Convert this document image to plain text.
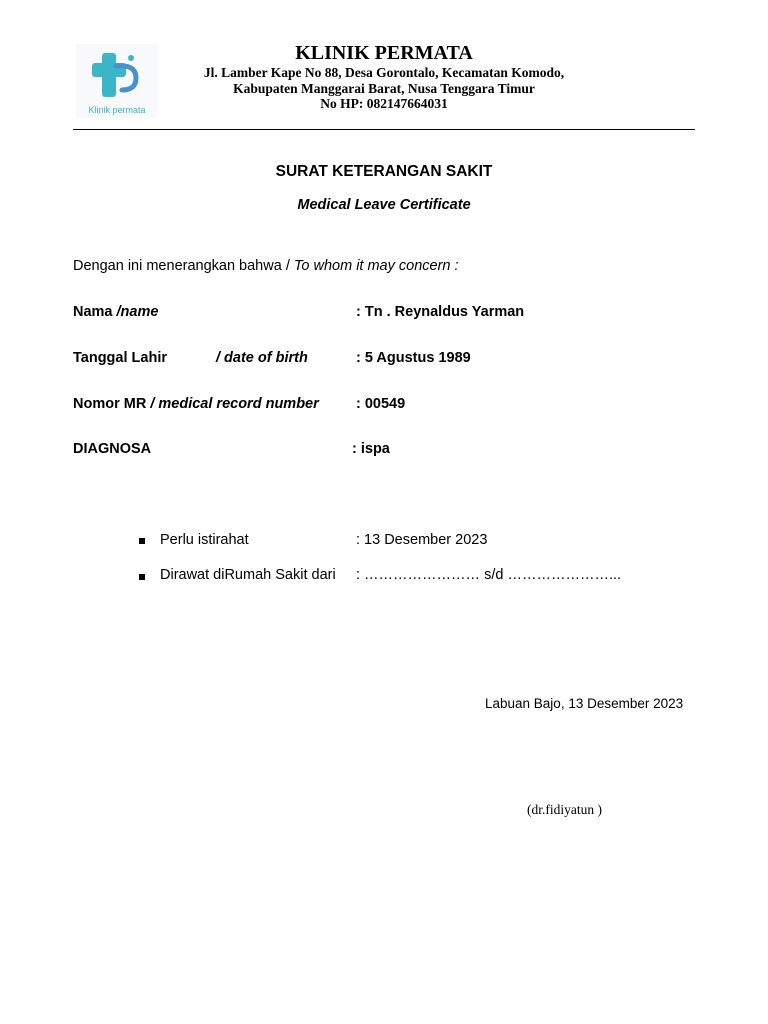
Klinik permata
KLINIK PERMATA
Jl. Lamber Kape No 88, Desa Gorontalo, Kecamatan Komodo,
Kabupaten Manggarai Barat, Nusa Tenggara Timur
No HP: 082147664031
SURAT KETERANGAN SAKIT
Medical Leave Certificate
Dengan ini menerangkan bahwa / To whom it may concern :
Nama /name	: Tn . Reynaldus Yarman
Tanggal Lahir	/ date of birth	: 5 Agustus 1989
Nomor MR / medical record number	: 00549
DIAGNOSA	: ispa
Perlu istirahat	: 13 Desember 2023
Dirawat diRumah Sakit dari : …………………… s/d …………………...
Labuan Bajo, 13 Desember 2023
(dr.fidiyatun )
